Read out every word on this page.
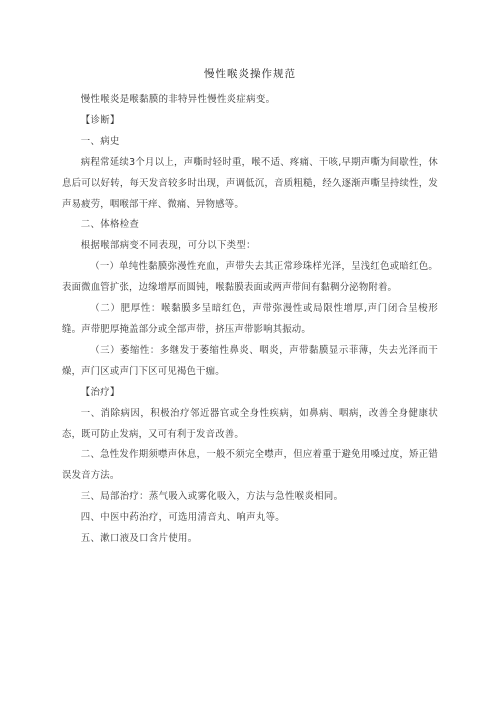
慢性喉炎操作规范

慢性喉炎是喉黏膜的非特异性慢性炎症病变。

【诊断】

一、病史

病程常延续3个月以上，声嘶时轻时重，喉不适、疼痛、干咳,早期声嘶为间歇性，休息后可以好转，每天发音较多时出现，声调低沉，音质粗糙，经久逐渐声嘶呈持续性，发声易疲劳，咽喉部干痒、微痛、异物感等。

二、体格检查

根据喉部病变不同表现，可分以下类型：

（一）单纯性黏膜弥漫性充血，声带失去其正常珍珠样光泽，呈浅红色或暗红色。表面微血管扩张，边缘增厚而圆钝，喉黏膜表面或两声带间有黏稠分泌物附着。

（二）肥厚性：喉黏膜多呈暗红色，声带弥漫性或局限性增厚,声门闭合呈梭形缝。声带肥厚掩盖部分或全部声带，挤压声带影响其振动。

（三）萎缩性：多继发于萎缩性鼻炎、咽炎，声带黏膜显示菲薄，失去光泽而干燥，声门区或声门下区可见褐色干痂。

【治疗】

一、消除病因，积极治疗邻近器官或全身性疾病，如鼻病、咽病，改善全身健康状态，既可防止发病，又可有利于发音改善。

二、急性发作期须噤声休息，一般不须完全噤声，但应着重于避免用嗓过度，矫正错误发音方法。

三、局部治疗：蒸气吸入或雾化吸入，方法与急性喉炎相同。

四、中医中药治疗，可选用清音丸、响声丸等。

五、漱口液及口含片使用。
